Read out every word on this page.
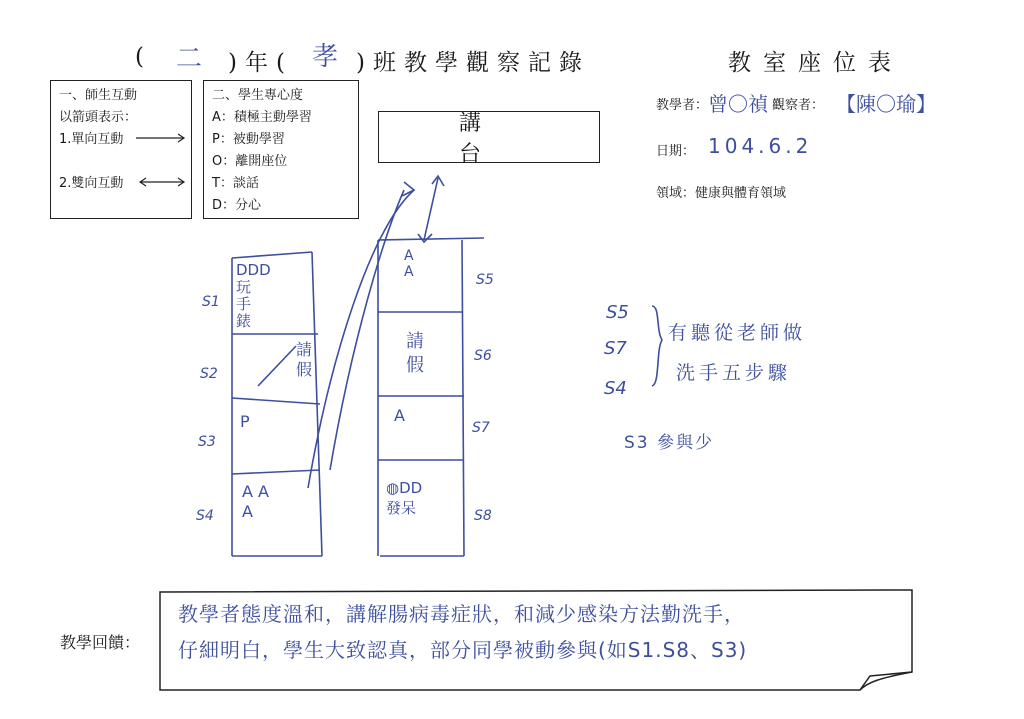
( 二 )年( 孝 )班教學觀察記錄	教室座位表
一、師生互動
以箭頭表示：
1.單向互動
2.雙向互動
二、學生專心度
A：積極主動學習
P：被動學習
O：離開座位
T：談話
D：分心
講台
教學者： 曾〇禎 觀察者： 【陳〇瑜】
日期： 104.6.2
領域：健康與體育領域
DDD
玩
手
錶
S1
請
假
S2
P
S3
A A
A
S4
A
A	S5
請
假	S6
A
S7
◍DD
發呆	S8
S5
S7
S4
有聽從老師做
洗手五步驟
S3 參與少
教學回饋：
教學者態度溫和，講解腸病毒症狀，和減少感染方法勤洗手，
仔細明白，學生大致認真，部分同學被動參與(如S1.S8、S3)
